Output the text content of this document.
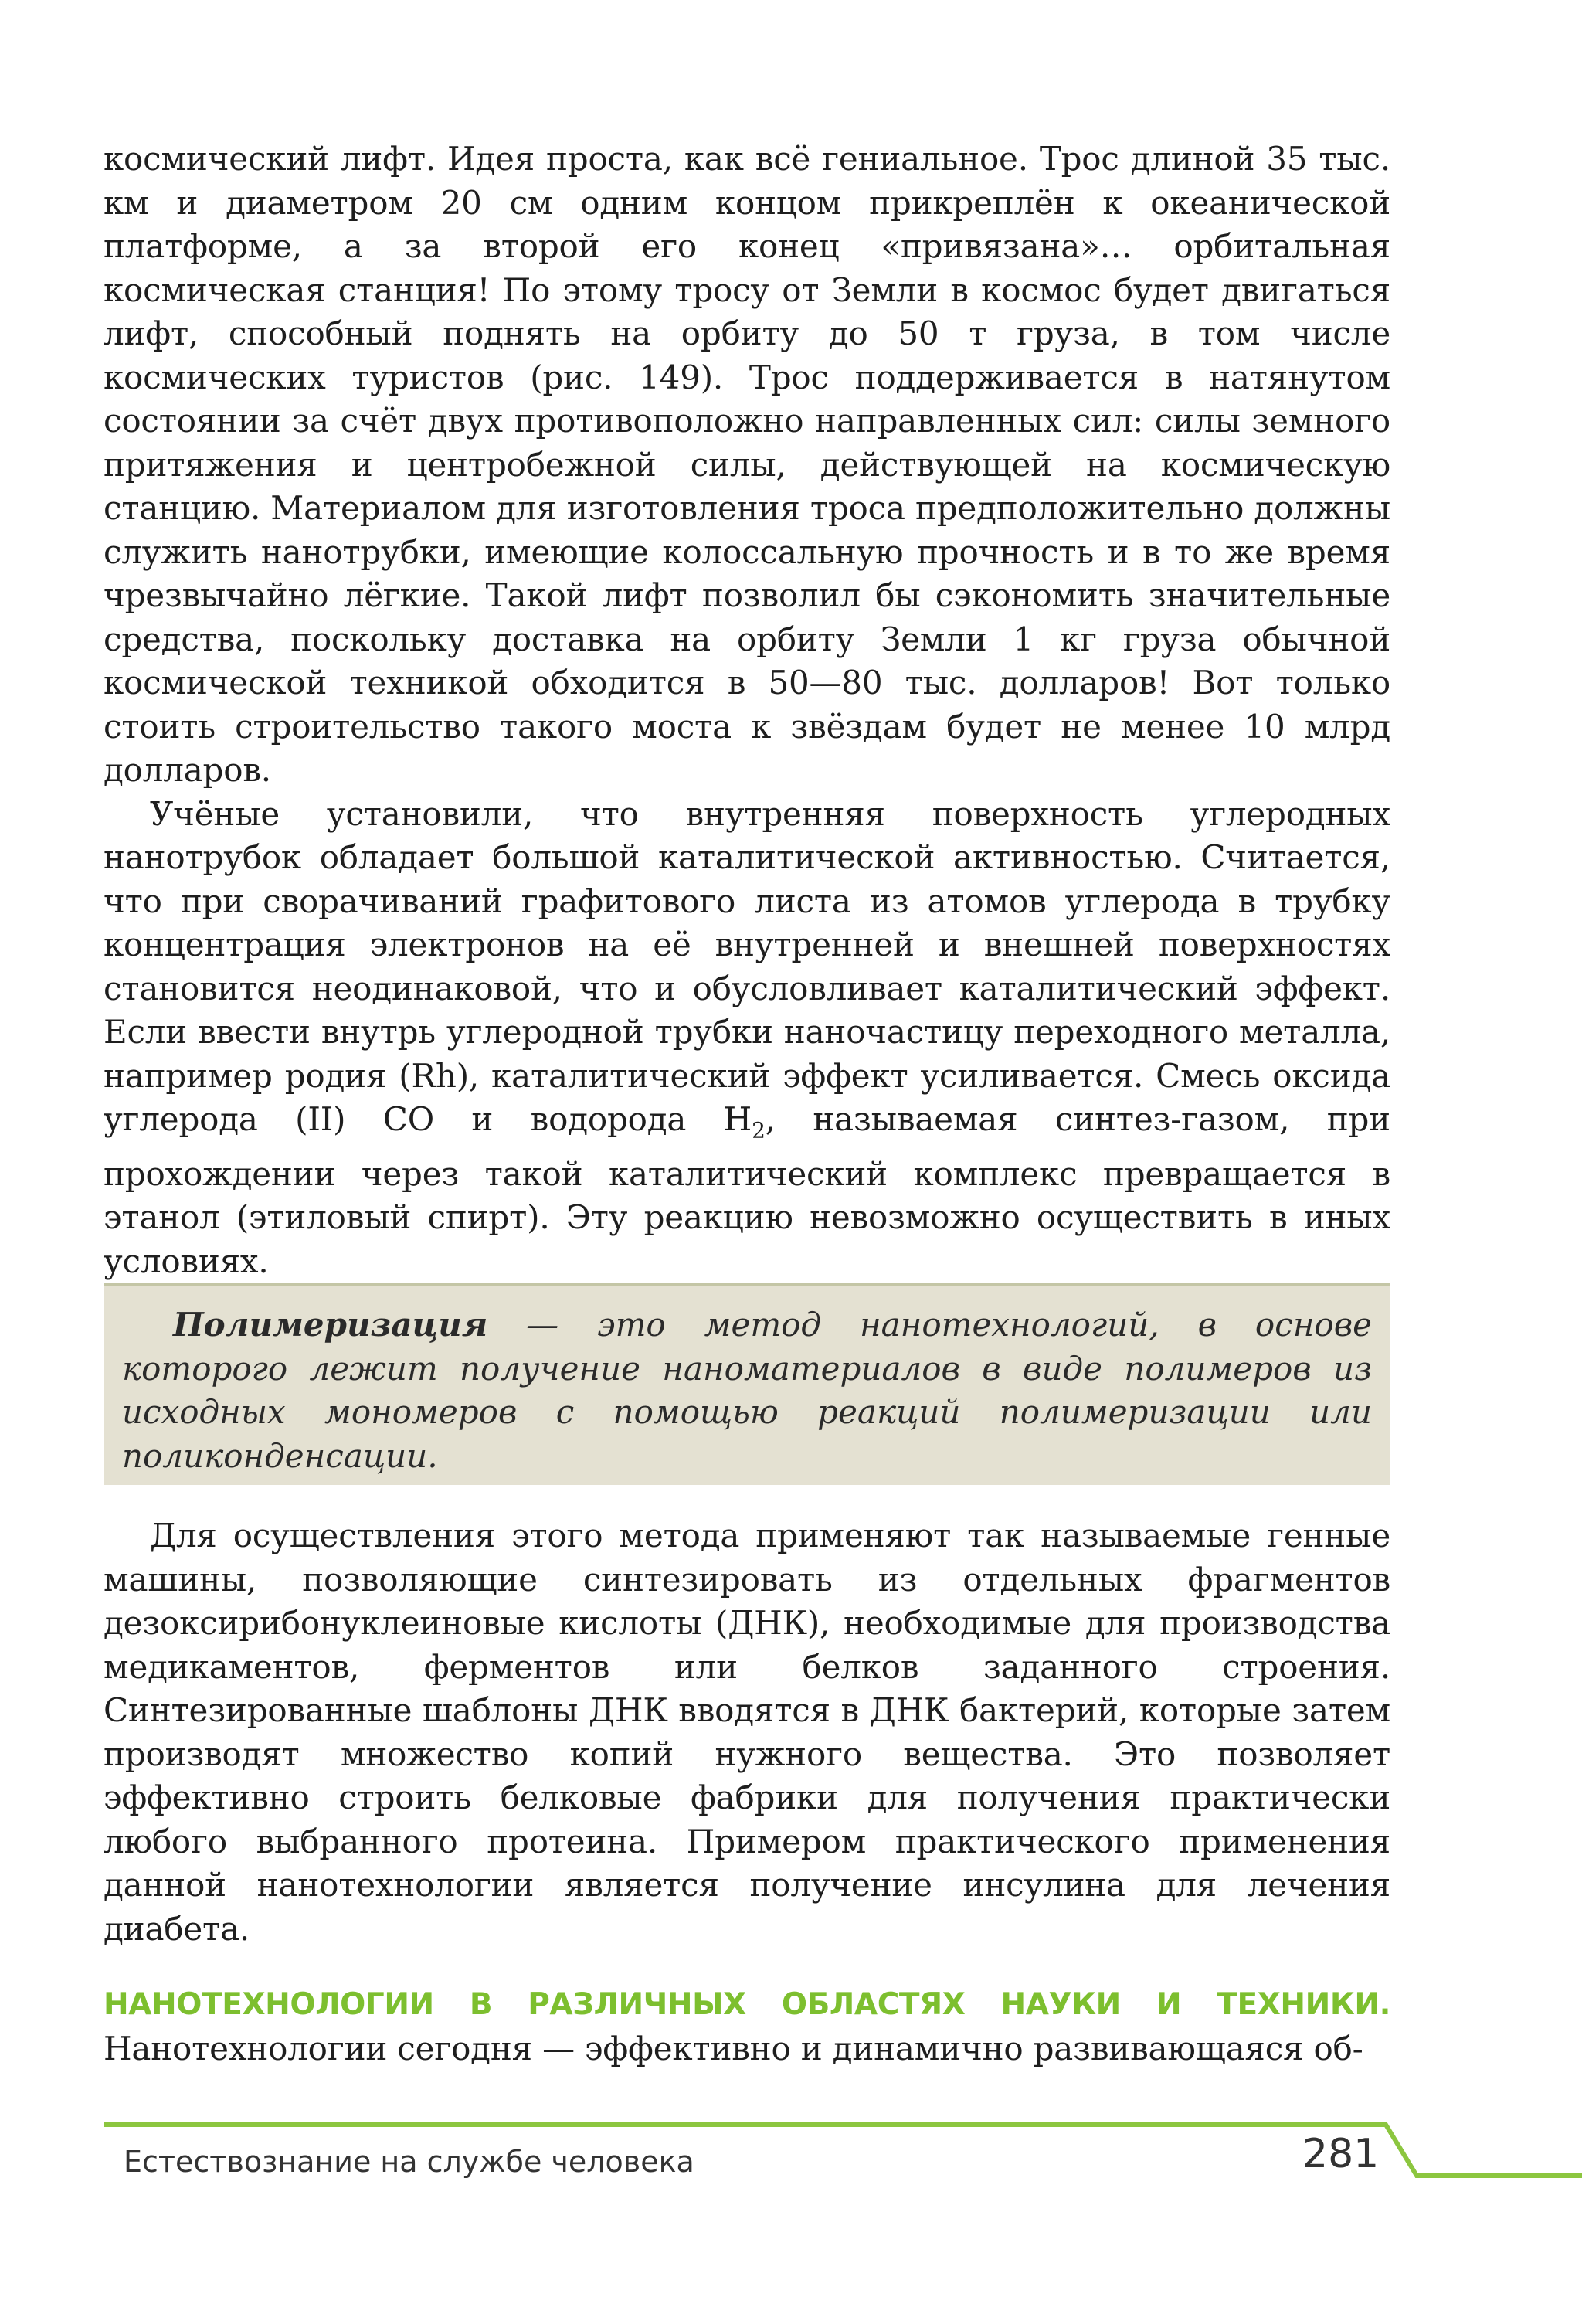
космический лифт. Идея проста, как всё гениальное. Трос длиной 35 тыс. км и диаметром 20 см одним концом прикреплён к океанической платформе, а за второй его конец «привязана»… орбитальная космическая станция! По этому тросу от Земли в космос будет двигаться лифт, способный поднять на орбиту до 50 т груза, в том числе космических туристов (рис. 149). Трос поддерживается в натянутом состоянии за счёт двух противоположно направленных сил: силы земного притяжения и центробежной силы, действующей на космическую станцию. Материалом для изготовления троса предположительно должны служить нанотрубки, имеющие колоссальную прочность и в то же время чрезвычайно лёгкие. Такой лифт позволил бы сэкономить значительные средства, поскольку доставка на орбиту Земли 1 кг груза обычной космической техникой обходится в 50—80 тыс. долларов! Вот только стоить строительство такого моста к звёздам будет не менее 10 млрд долларов.

Учёные установили, что внутренняя поверхность углеродных нанотрубок обладает большой каталитической активностью. Считается, что при сворачиваний графитового листа из атомов углерода в трубку концентрация электронов на её внутренней и внешней поверхностях становится неодинаковой, что и обусловливает каталитический эффект. Если ввести внутрь углеродной трубки наночастицу переходного металла, например родия (Rh), каталитический эффект усиливается. Смесь оксида углерода (II) CO и водорода $H_2$, называемая синтез-газом, при прохождении через такой каталитический комплекс превращается в этанол (этиловый спирт). Эту реакцию невозможно осуществить в иных условиях.

Полимеризация — это метод нанотехнологий, в основе которого лежит получение наноматериалов в виде полимеров из исходных мономеров с помощью реакций полимеризации или поликонденсации.

Для осуществления этого метода применяют так называемые генные машины, позволяющие синтезировать из отдельных фрагментов дезоксирибонуклеиновые кислоты (ДНК), необходимые для производства медикаментов, ферментов или белков заданного строения. Синтезированные шаблоны ДНК вводятся в ДНК бактерий, которые затем производят множество копий нужного вещества. Это позволяет эффективно строить белковые фабрики для получения практически любого выбранного протеина. Примером практического применения данной нанотехнологии является получение инсулина для лечения диабета.

НАНОТЕХНОЛОГИИ В РАЗЛИЧНЫХ ОБЛАСТЯХ НАУКИ И ТЕХНИКИ. Нанотехнологии сегодня — эффективно и динамично развивающаяся об-

Естествознание на службе человека	281
